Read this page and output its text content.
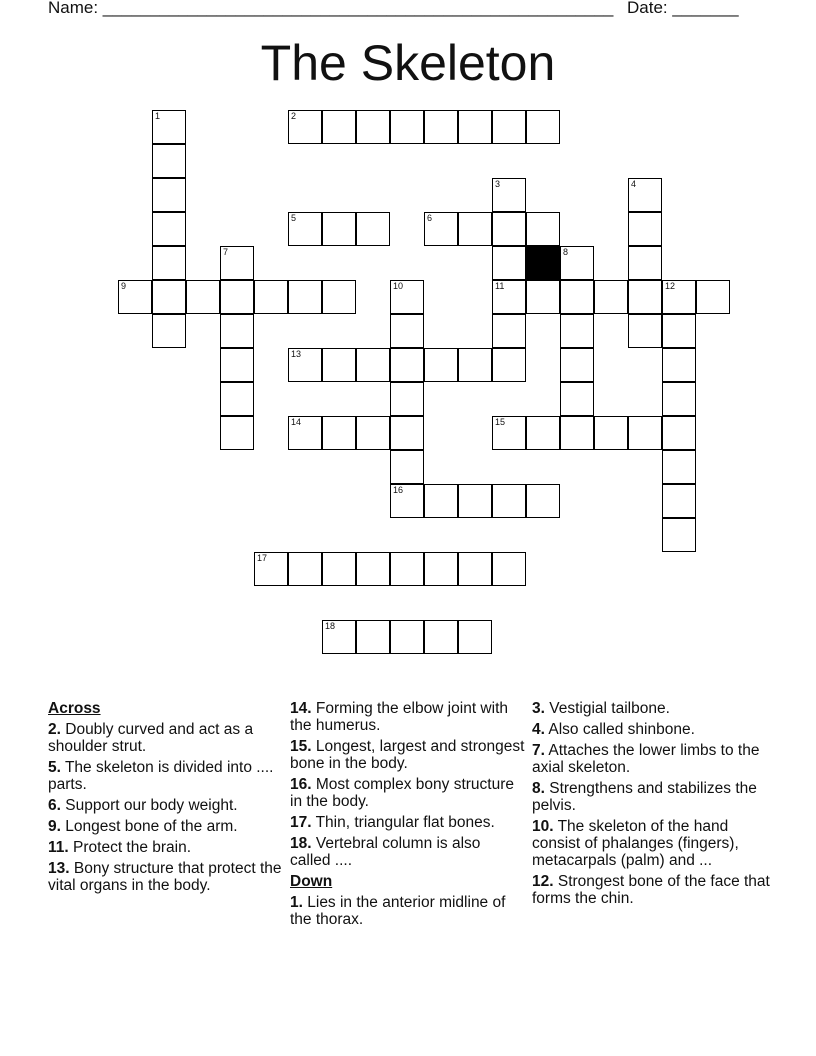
Name: ______________________________________________________ Date: _______
The Skeleton
1	2
3
11
4
5	6
7	8
9	10
16
12
13
14	15
17
18
Across
2. Doubly curved and act as a shoulder strut.
5. The skeleton is divided into .... parts.
6. Support our body weight.
9. Longest bone of the arm.
11. Protect the brain.
13. Bony structure that protect the vital organs in the body.
14. Forming the elbow joint with the humerus.
15. Longest, largest and strongest bone in the body.
16. Most complex bony structure in the body.
17. Thin, triangular flat bones.
18. Vertebral column is also called ....
Down
1. Lies in the anterior midline of the thorax.
3. Vestigial tailbone.
4. Also called shinbone.
7. Attaches the lower limbs to the axial skeleton.
8. Strengthens and stabilizes the pelvis.
10. The skeleton of the hand consist of phalanges (fingers), metacarpals (palm) and ...
12. Strongest bone of the face that forms the chin.
